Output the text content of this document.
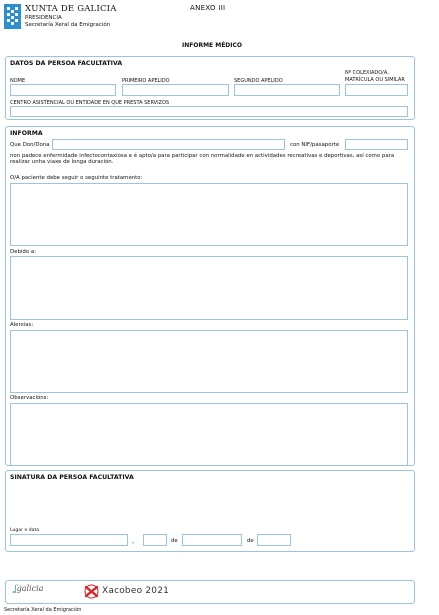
XUNTA DE GALICIA
PRESIDENCIA
Secretaría Xeral da Emigración
ANEXO III
INFORME MÉDICO
DATOS DA PERSOA FACULTATIVA
NOME	PRIMEIRO APELIDO	SEGUNDO APELIDO
Nº COLEXIADO/A,
MATRÍCULA OU SIMILAR
CENTRO ASISTENCIAL OU ENTIDADE EN QUE PRESTA SERVIZOS
INFORMA
Que Don/Dona	con NIF/pasaporte
non padece enfermidade infectocontaxiosa e é apto/a para participar con normalidade en actividades recreativas e deportivas, así como para
realizar unha viaxe de longa duración.
O/A paciente debe seguir o seguinte tratamento:
Debido a:
Alerxias:
Observacións:
SINATURA DA PERSOA FACULTATIVA
Lugar e data
,	de	de
ʆgalicia	Xacobeo 2021
Secretaría Xeral da Emigración
